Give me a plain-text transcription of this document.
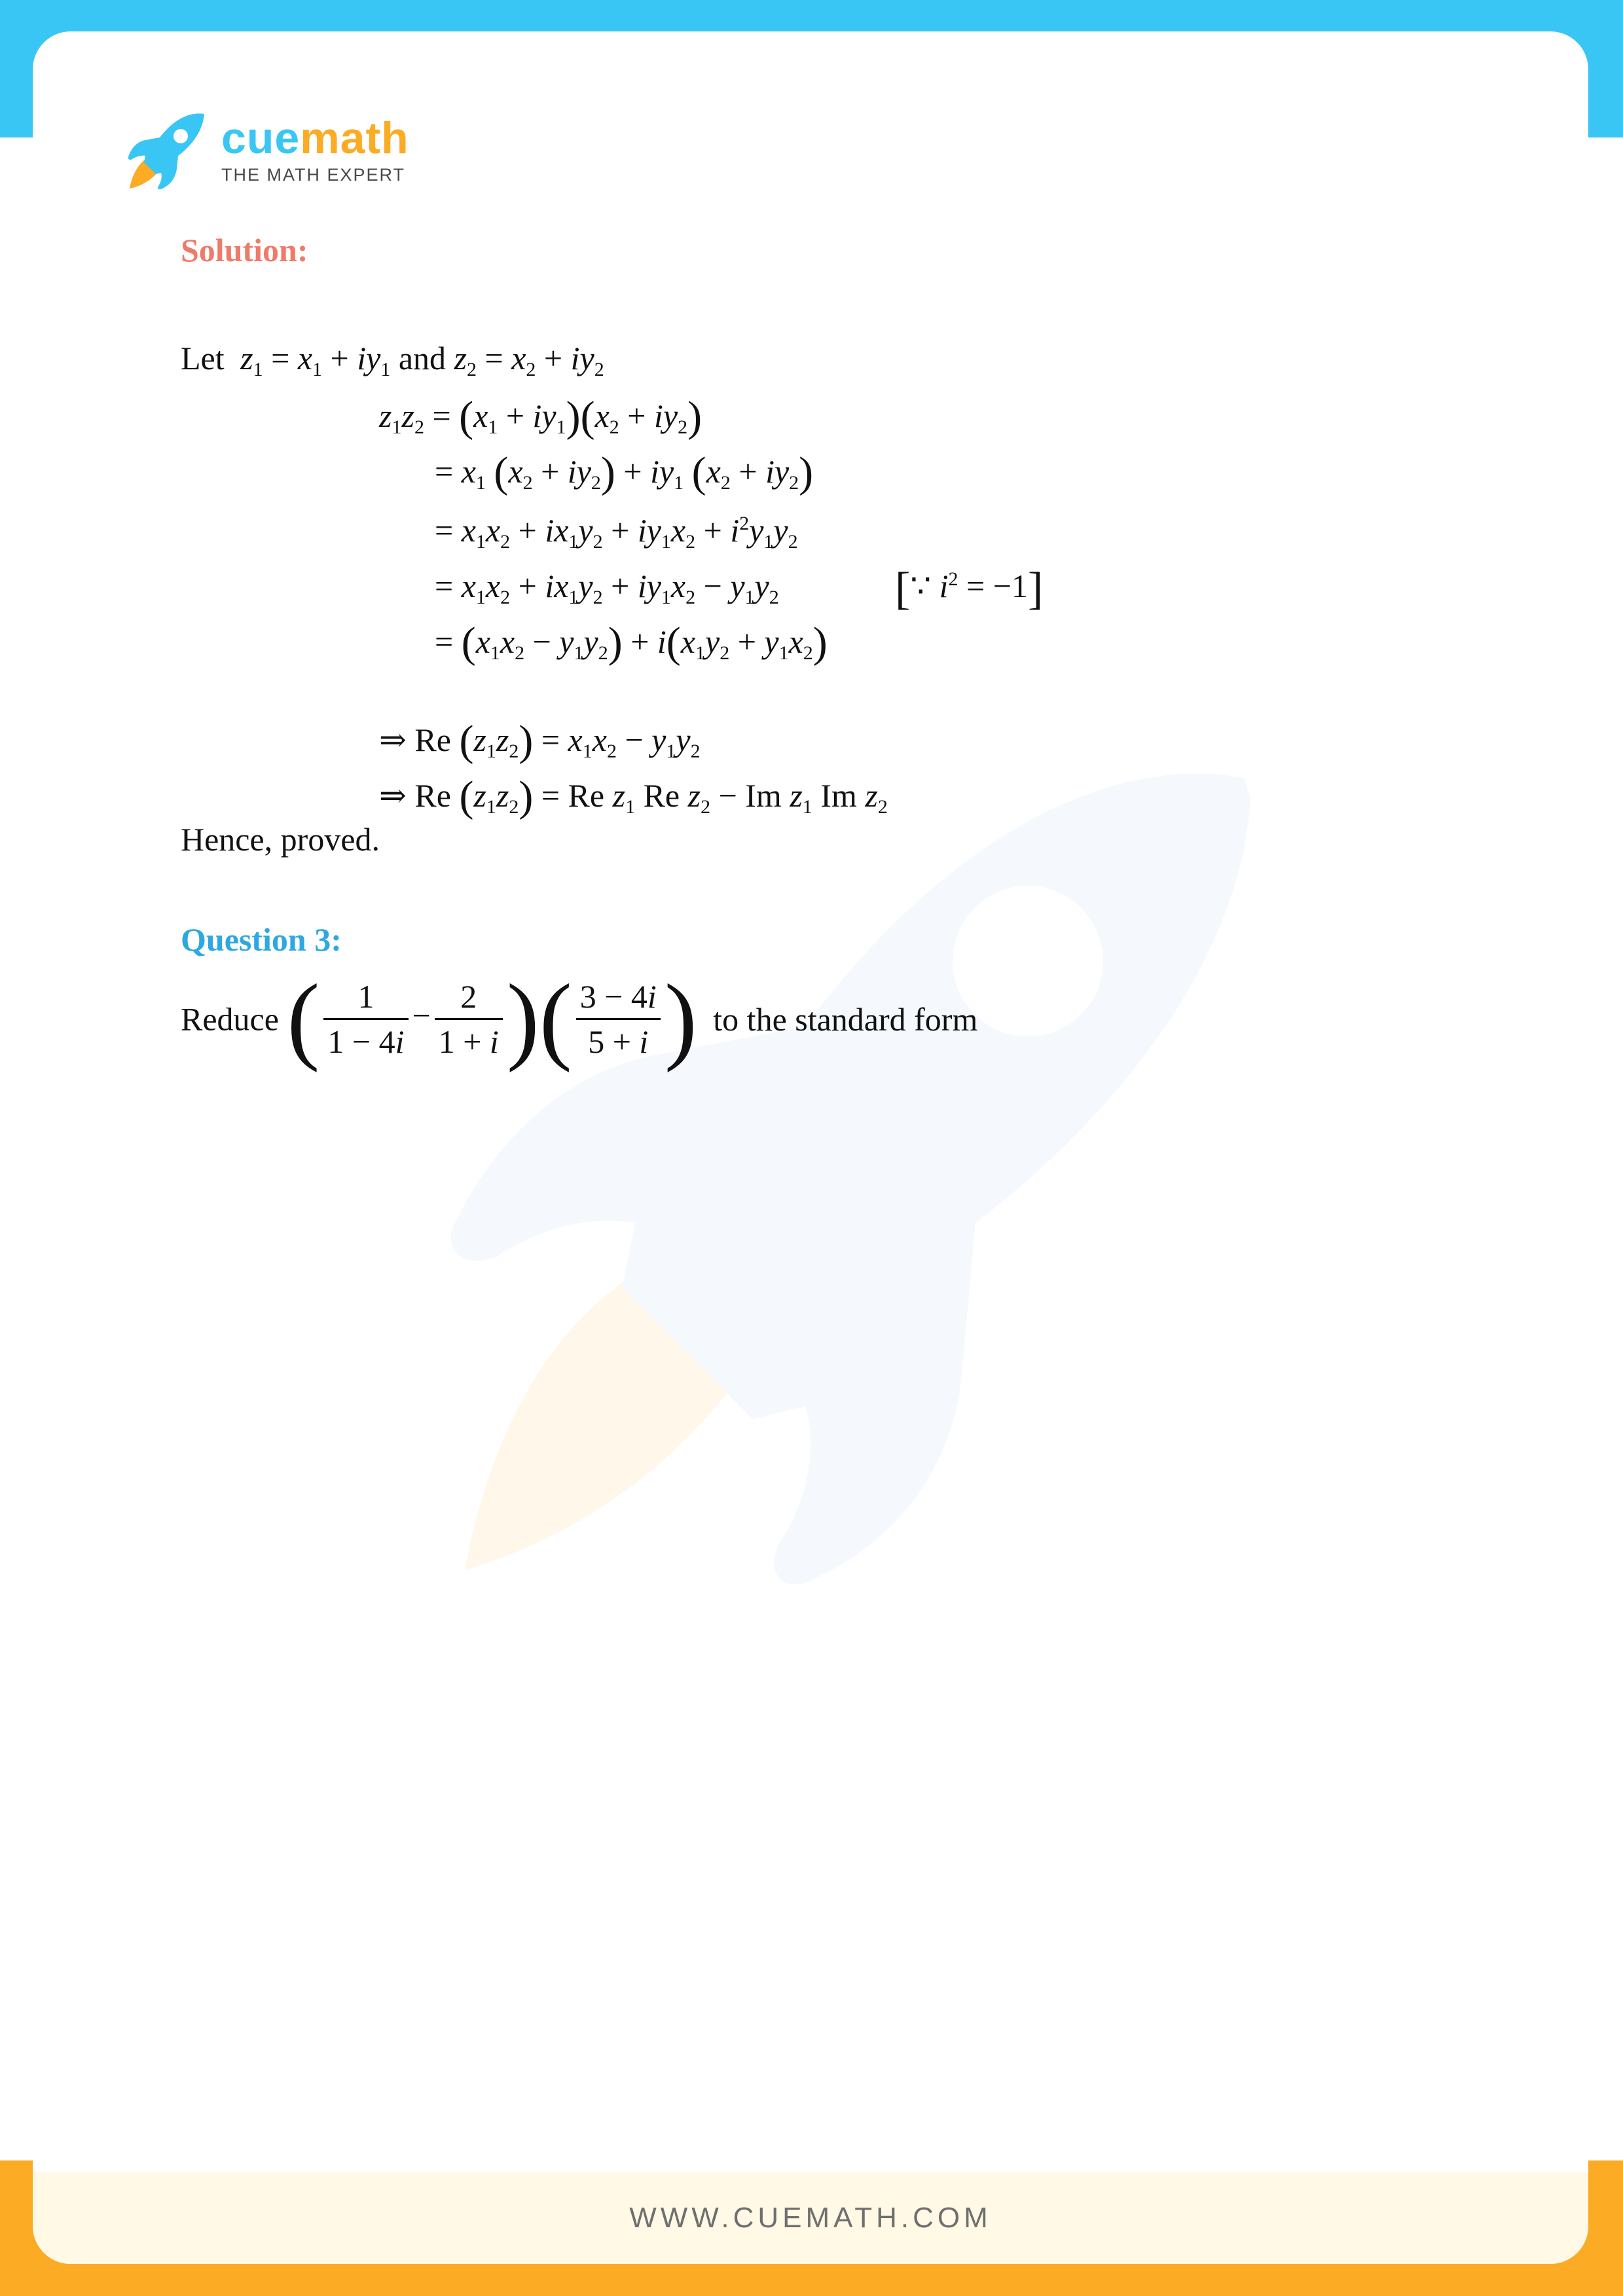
cuemath
THE MATH EXPERT
Solution:
Let $z_1 = x_1 + iy_1$ and $z_2 = x_2 + iy_2$
$z_1z_2 = (x_1 + iy_1)(x_2 + iy_2)$
= $x_1$ $(x_2 + iy_2) + iy_1$ $(x_2 + iy_2)$
= $x_1x_2 + ix_1y_2 + iy_1x_2 + i^2y_1y_2$
= $x_1x_2 + ix_1y_2 + iy_1x_2 - y_1y_2$	[∵ $i^2 = -1$]
= $(x_1x_2 - y_1y_2) + i(x_1y_2 + y_1x_2)$
⇒ Re $(z_1z_2) = x_1x_2 - y_1y_2$
⇒ Re $(z_1z_2) = Re$ $z_1$ Re $z_2 - Im$ $z_1$ Im $z_2$
Hence, proved.
Question 3:
Reduce ( $\frac{1}{1 - 4i} - \frac{2}{1 + i}$ )( $\frac{3 - 4i}{5 + i}$ ) to the standard form
WWW.CUEMATH.COM
